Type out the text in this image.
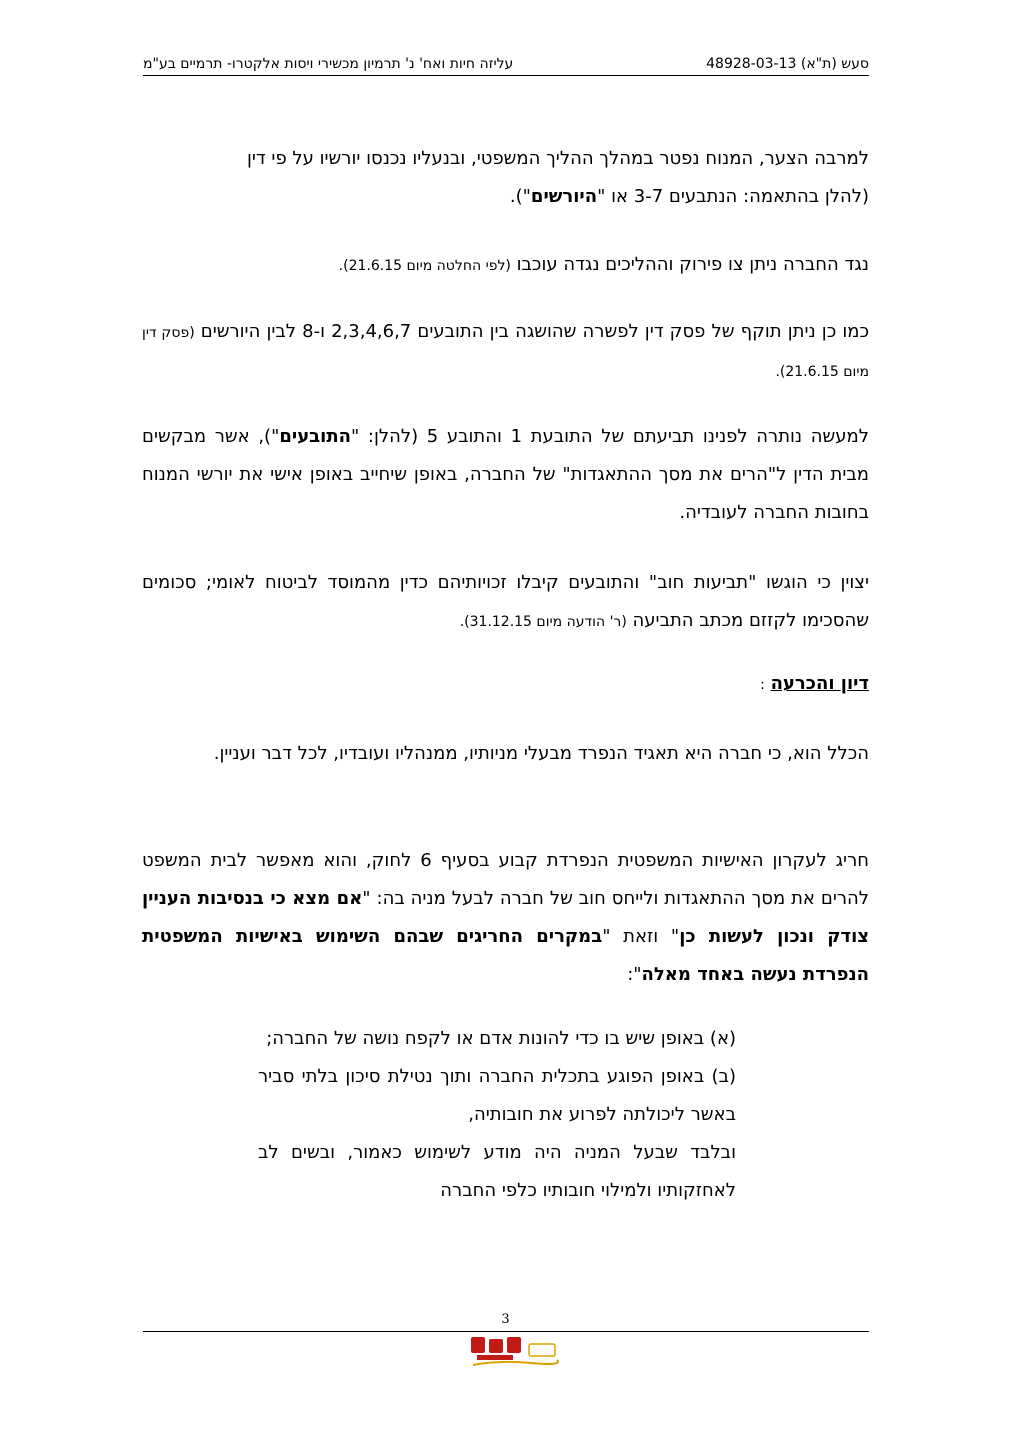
סעש (ת"א) 48928-03-13
עליזה חיות ואח' נ' תרמיון מכשירי ויסות אלקטרו- תרמיים בע"מ
למרבה הצער, המנוח נפטר במהלך ההליך המשפטי, ובנעליו נכנסו יורשיו על פי דין
(להלן בהתאמה: הנתבעים 3-7 או "היורשים").
נגד החברה ניתן צו פירוק וההליכים נגדה עוכבו (לפי החלטה מיום 21.6.15).
כמו כן ניתן תוקף של פסק דין לפשרה שהושגה בין התובעים 2,3,4,6,7 ו-8 לבין היורשים (פסק דין מיום 21.6.15).
למעשה נותרה לפנינו תביעתם של התובעת 1 והתובע 5 (להלן: "התובעים"), אשר מבקשים מבית הדין ל"הרים את מסך ההתאגדות" של החברה, באופן שיחייב באופן אישי את יורשי המנוח בחובות החברה לעובדיה.
יצוין כי הוגשו "תביעות חוב" והתובעים קיבלו זכויותיהם כדין מהמוסד לביטוח לאומי; סכומים שהסכימו לקזזם מכתב התביעה (ר' הודעה מיום 31.12.15).
דיון והכרעה :
הכלל הוא, כי חברה היא תאגיד הנפרד מבעלי מניותיו, ממנהליו ועובדיו, לכל דבר ועניין.
חריג לעקרון האישיות המשפטית הנפרדת קבוע בסעיף 6 לחוק, והוא מאפשר לבית המשפט להרים את מסך ההתאגדות ולייחס חוב של חברה לבעל מניה בה: "אם מצא כי בנסיבות העניין צודק ונכון לעשות כן" וזאת "במקרים החריגים שבהם השימוש באישיות המשפטית הנפרדת נעשה באחד מאלה":
(א) באופן שיש בו כדי להונות אדם או לקפח נושה של החברה;
(ב) באופן הפוגע בתכלית החברה ותוך נטילת סיכון בלתי סביר באשר ליכולתה לפרוע את חובותיה,
ובלבד שבעל המניה היה מודע לשימוש כאמור, ובשים לב לאחזקותיו ולמילוי חובותיו כלפי החברה
3
